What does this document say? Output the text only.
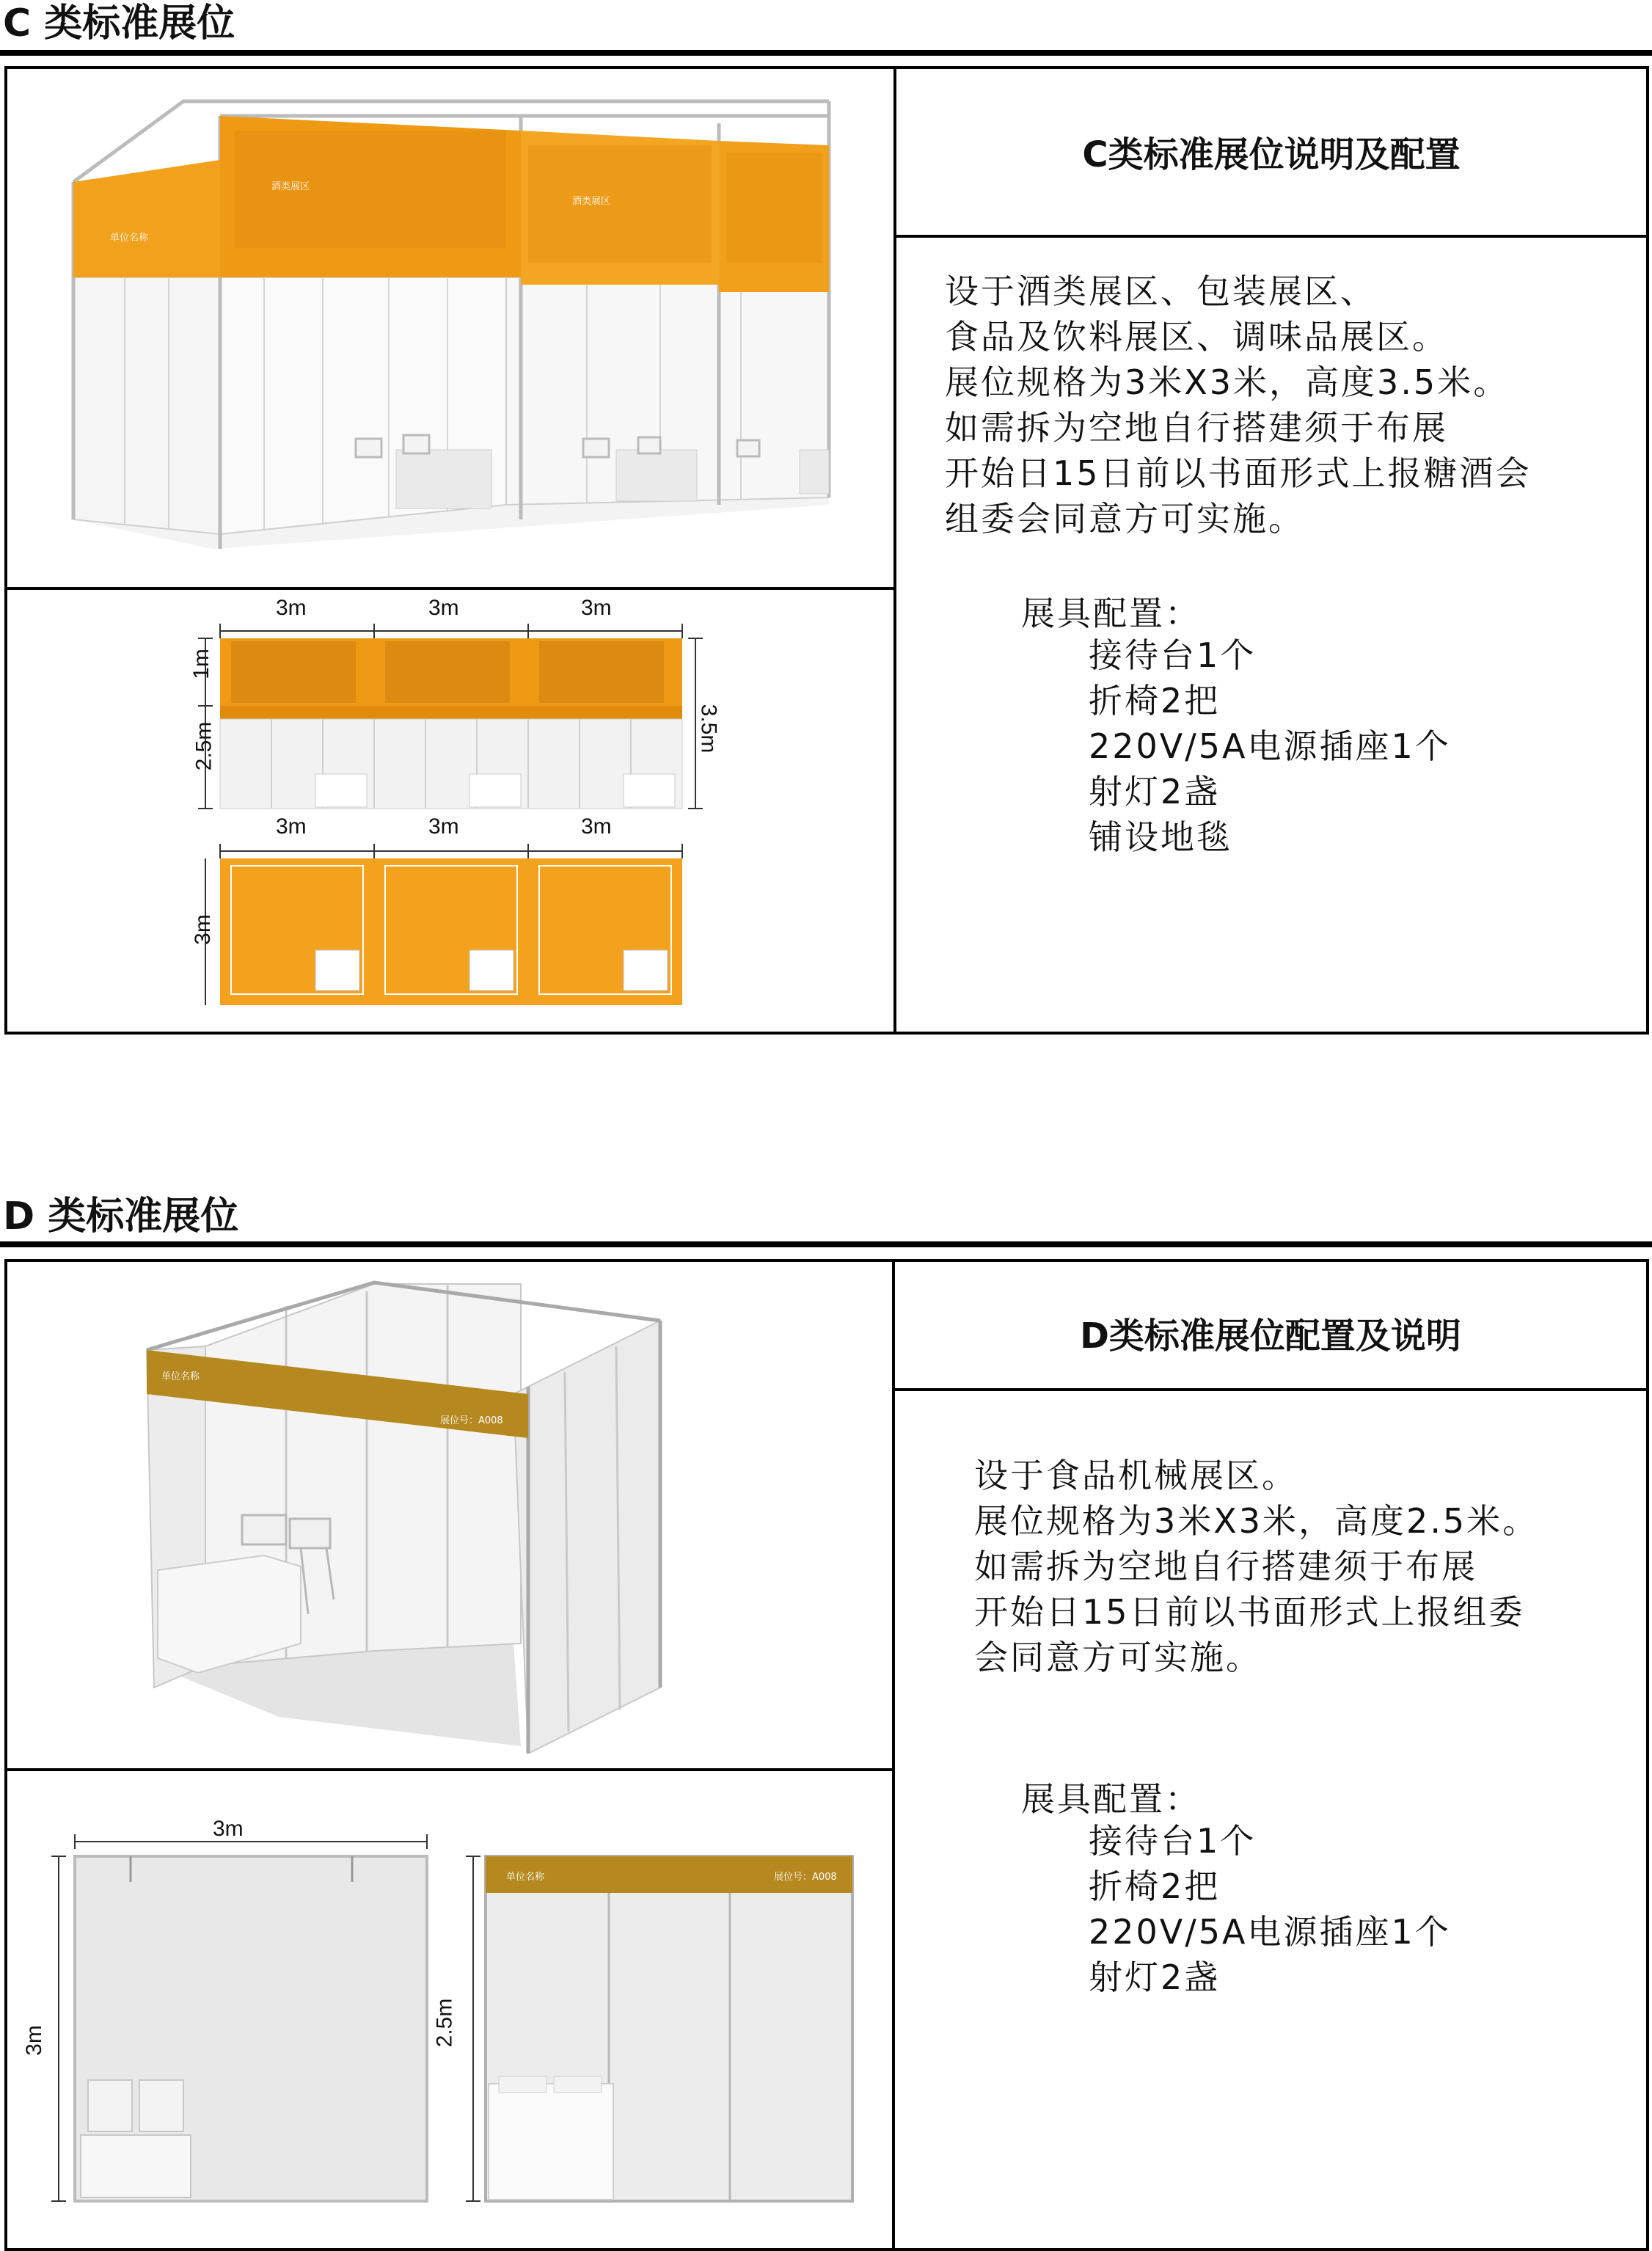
C 类标准展位
C类标准展位说明及配置
设于酒类展区、包装展区、
食品及饮料展区、调味品展区。
展位规格为3米X3米，高度3.5米。
如需拆为空地自行搭建须于布展
开始日15日前以书面形式上报糖酒会
组委会同意方可实施。
展具配置：
接待台1个
折椅2把
220V/5A电源插座1个
射灯2盏
铺设地毯
酒类展区
酒类展区
单位名称
3m	3m	3m
1m
2.5m	3.5m
3m	3m	3m
3m
D 类标准展位
D类标准展位配置及说明
设于食品机械展区。
展位规格为3米X3米，高度2.5米。
如需拆为空地自行搭建须于布展
开始日15日前以书面形式上报组委
会同意方可实施。
展具配置：
接待台1个
折椅2把
220V/5A电源插座1个
射灯2盏
单位名称
展位号：A008
单位名称	展位号：A008
3m
3m	2.5m
